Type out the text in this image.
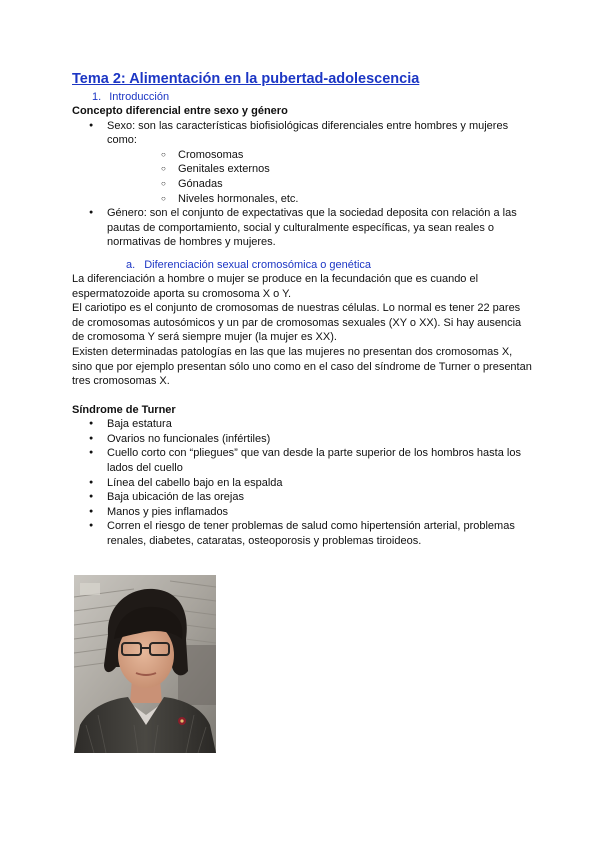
Tema 2: Alimentación en la pubertad-adolescencia
1. Introducción

Concepto diferencial entre sexo y género

● Sexo: son las características biofisiológicas diferenciales entre hombres y mujeres como:
○ Cromosomas
○ Genitales externos
○ Gónadas
○ Niveles hormonales, etc.
● Género: son el conjunto de expectativas que la sociedad deposita con relación a las pautas de comportamiento, social y culturalmente específicas, ya sean reales o normativas de hombres y mujeres.
a. Diferenciación sexual cromosómica o genética

La diferenciación a hombre o mujer se produce en la fecundación que es cuando el espermatozoide aporta su cromosoma X o Y.

El cariotipo es el conjunto de cromosomas de nuestras células. Lo normal es tener 22 pares de cromosomas autosómicos y un par de cromosomas sexuales (XY o XX). Si hay ausencia de cromosoma Y será siempre mujer (la mujer es XX).

Existen determinadas patologías en las que las mujeres no presentan dos cromosomas X, sino que por ejemplo presentan sólo uno como en el caso del síndrome de Turner o presentan tres cromosomas X.

Síndrome de Turner

● Baja estatura
● Ovarios no funcionales (infértiles)
● Cuello corto con “pliegues” que van desde la parte superior de los hombros hasta los lados del cuello
● Línea del cabello bajo en la espalda
● Baja ubicación de las orejas
● Manos y pies inflamados
● Corren el riesgo de tener problemas de salud como hipertensión arterial, problemas renales, diabetes, cataratas, osteoporosis y problemas tiroideos.
